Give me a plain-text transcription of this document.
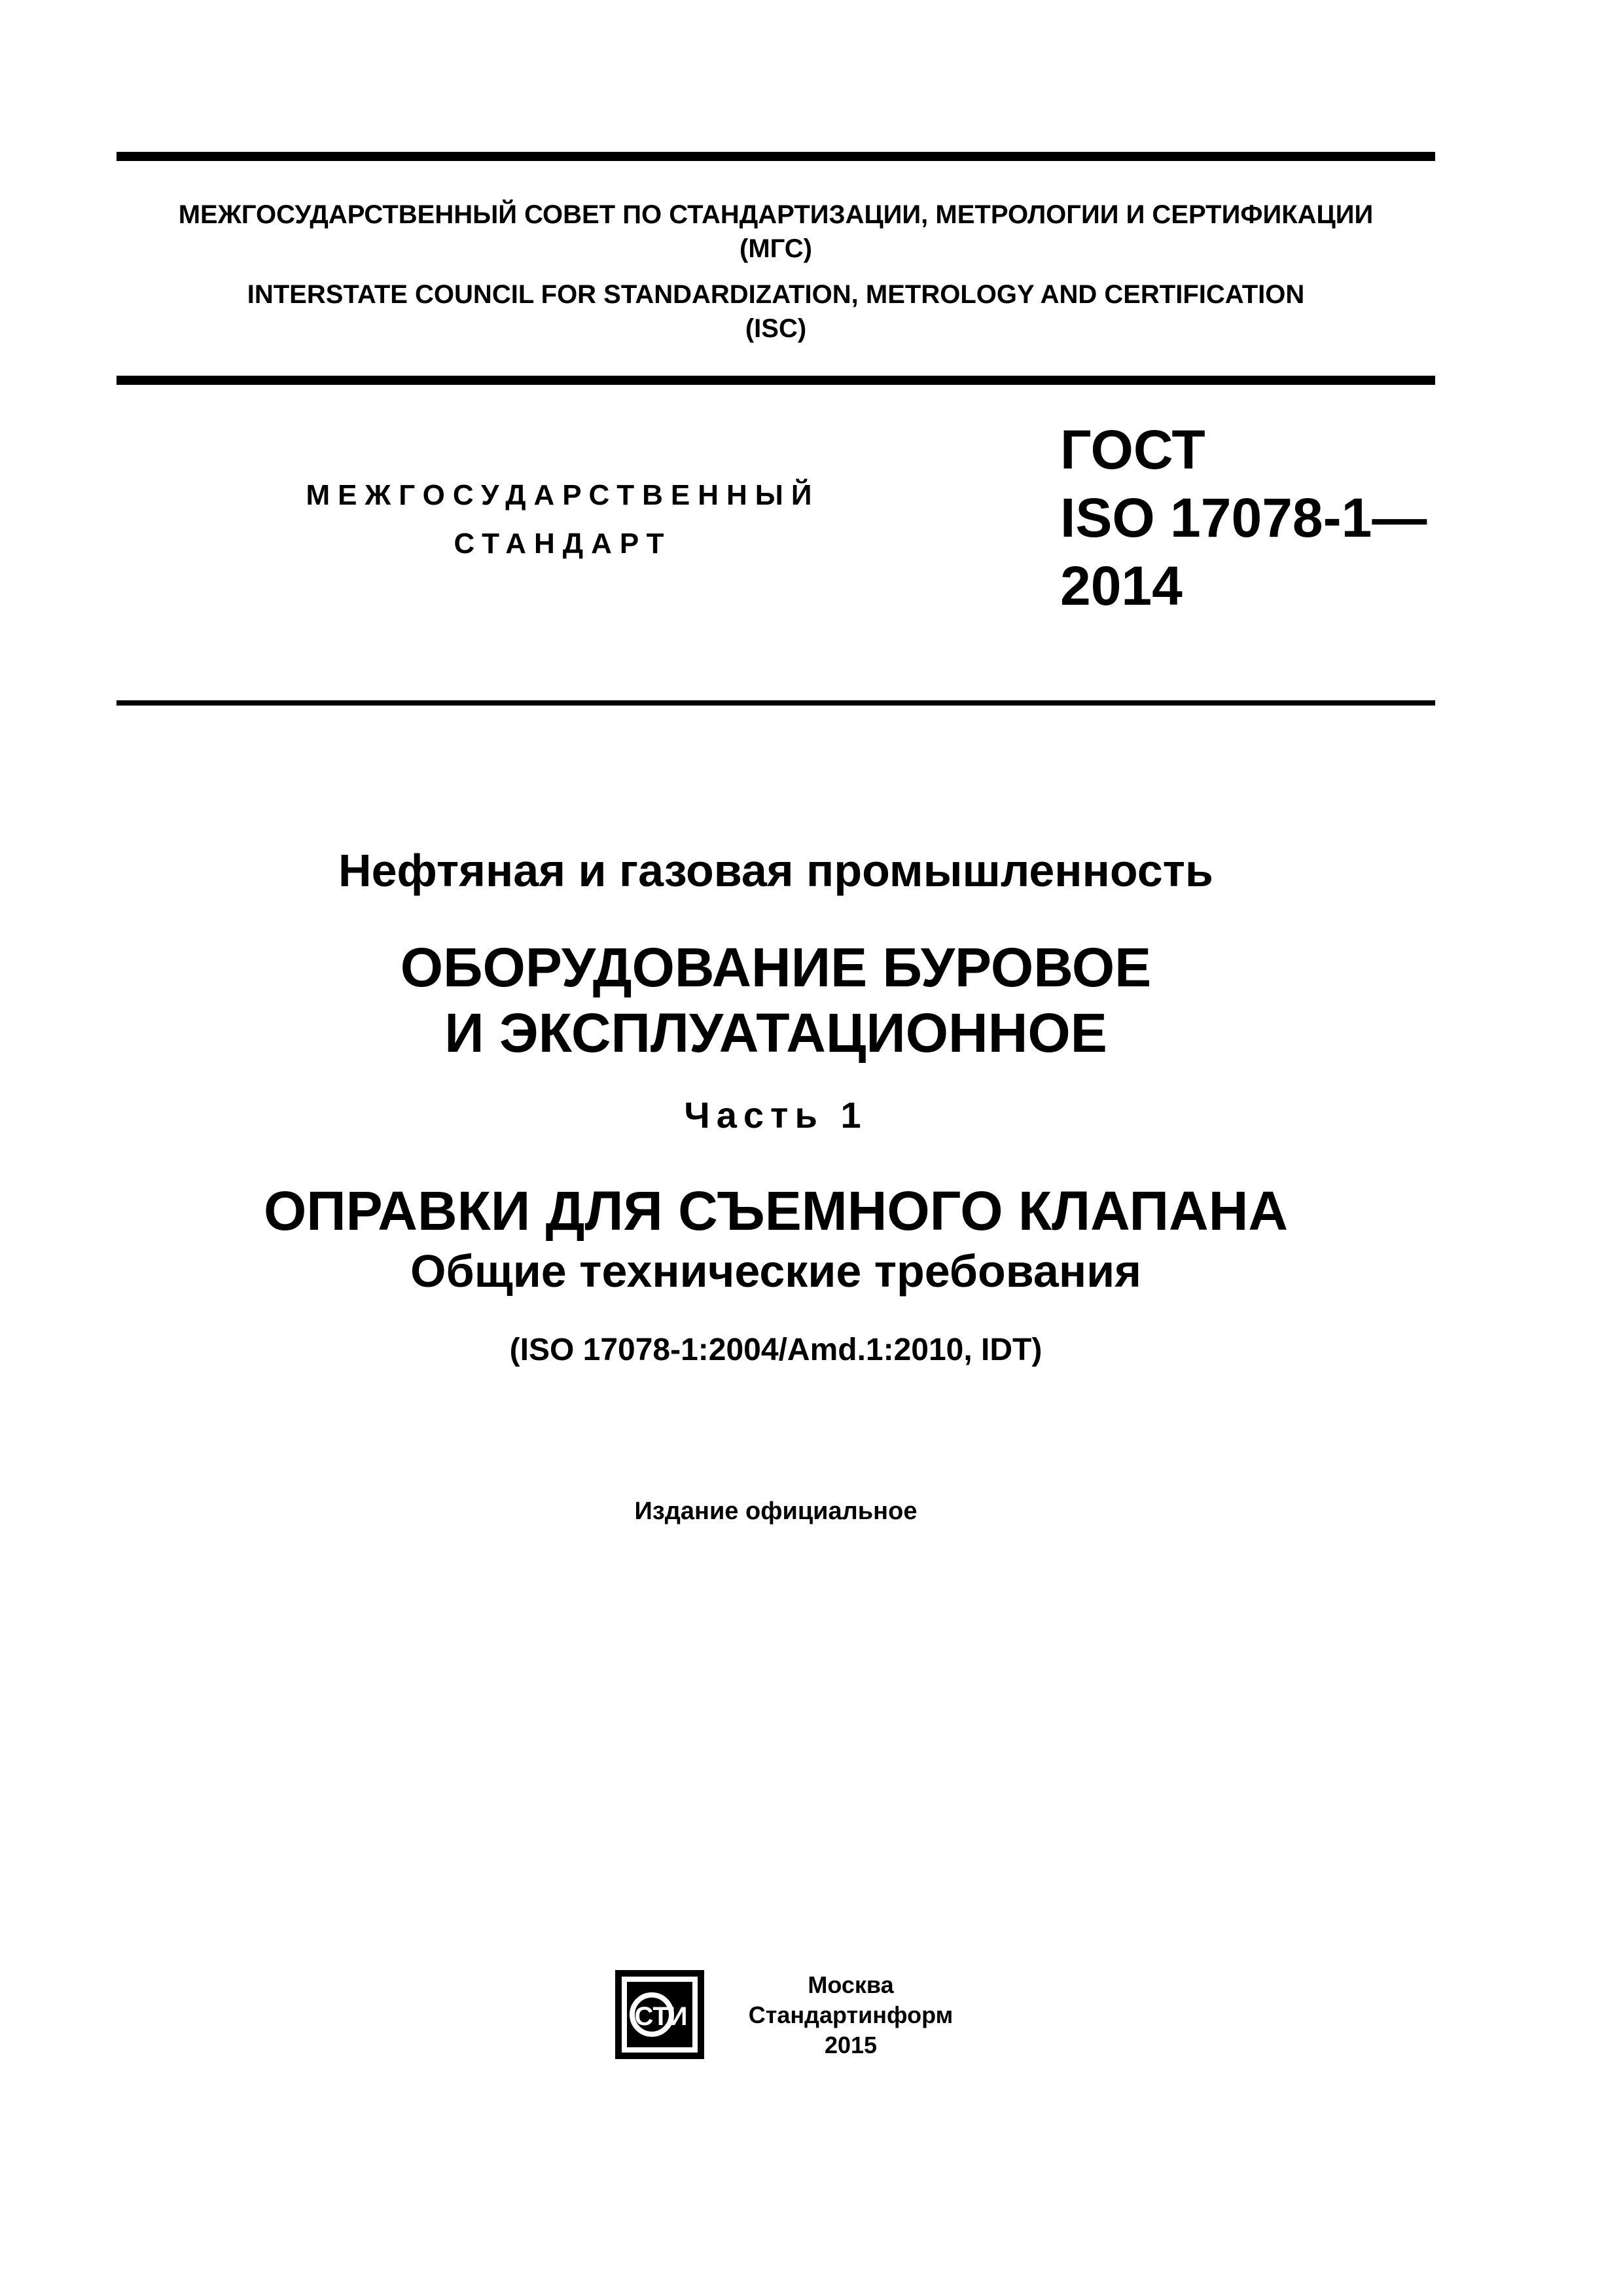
МЕЖГОСУДАРСТВЕННЫЙ СОВЕТ ПО СТАНДАРТИЗАЦИИ, МЕТРОЛОГИИ И СЕРТИФИКАЦИИ
(МГС)
INTERSTATE COUNCIL FOR STANDARDIZATION, METROLOGY AND CERTIFICATION
(ISC)
МЕЖГОСУДАРСТВЕННЫЙ
СТАНДАРТ
ГОСТ
ISO 17078-1—
2014
Нефтяная и газовая промышленность
ОБОРУДОВАНИЕ БУРОВОЕ
И ЭКСПЛУАТАЦИОННОЕ
Часть 1
ОПРАВКИ ДЛЯ СЪЕМНОГО КЛАПАНА
Общие технические требования
(ISO 17078-1:2004/Amd.1:2010, IDT)
Издание официальное
СТИ
Москва
Стандартинформ
2015
